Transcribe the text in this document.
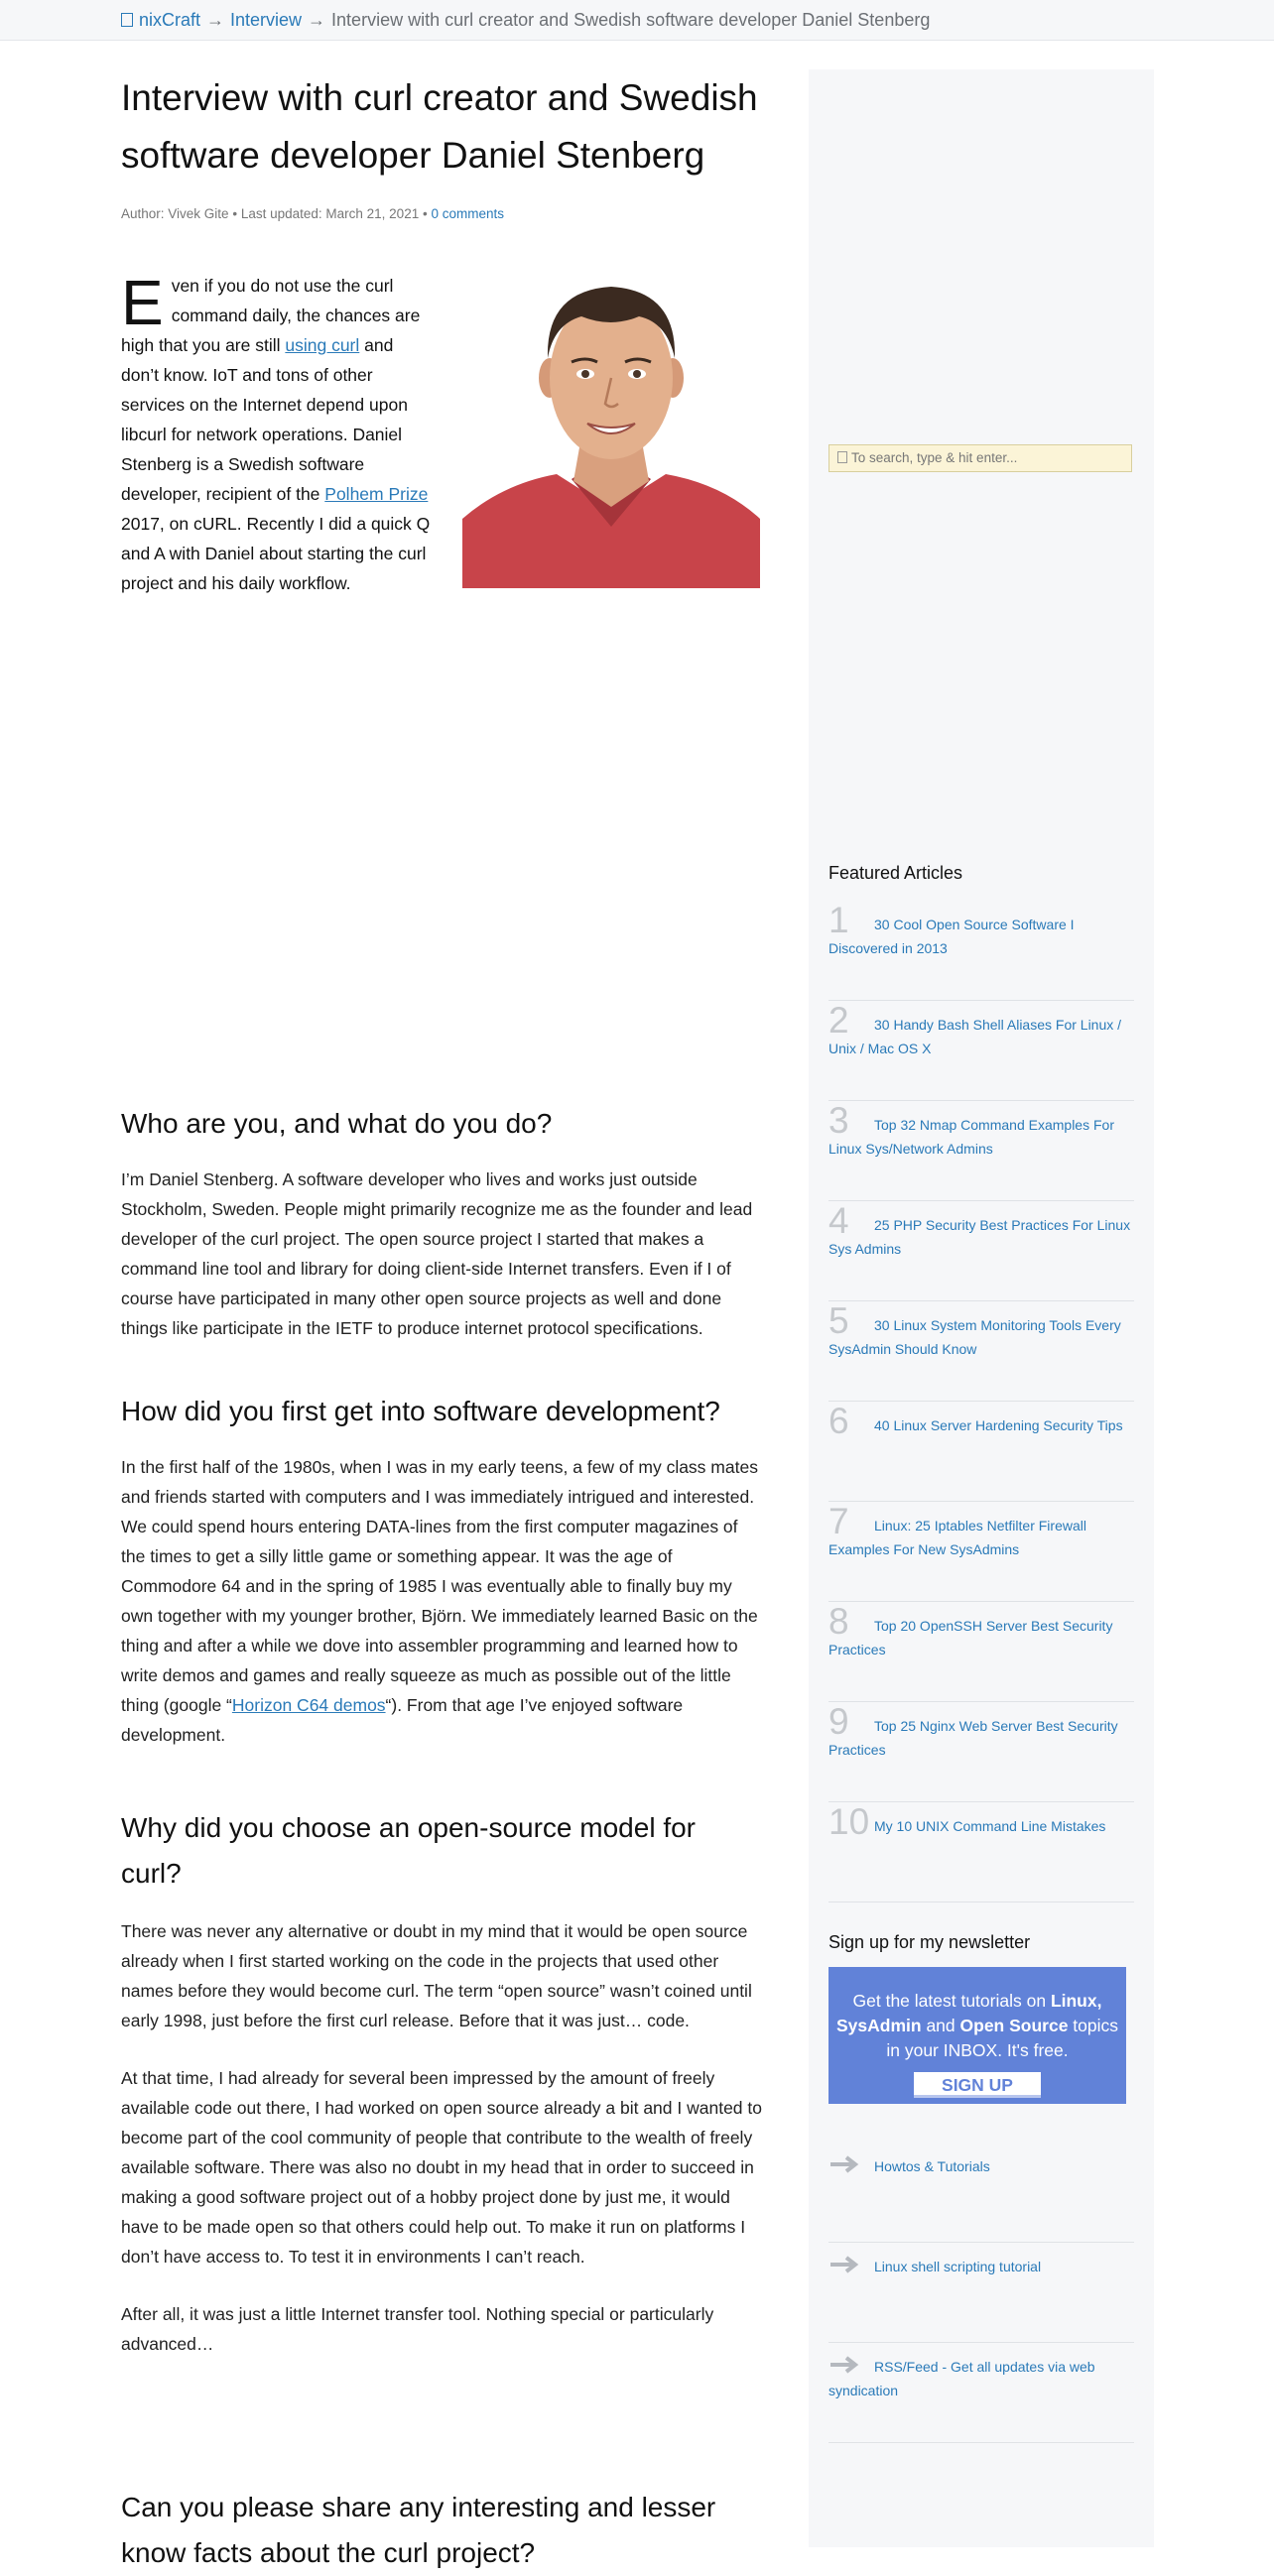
nixCraft → Interview → Interview with curl creator and Swedish software developer Daniel Stenberg
Interview with curl creator and Swedish software developer Daniel Stenberg
Author: Vivek Gite • Last updated: March 21, 2021 • 0 comments
Even if you do not use the curl command daily, the chances are high that you are still using curl and don’t know. IoT and tons of other services on the Internet depend upon libcurl for network operations. Daniel Stenberg is a Swedish software developer, recipient of the Polhem Prize 2017, on cURL. Recently I did a quick Q and A with Daniel about starting the curl project and his daily workflow.
Who are you, and what do you do?

I’m Daniel Stenberg. A software developer who lives and works just outside Stockholm, Sweden. People might primarily recognize me as the founder and lead developer of the curl project. The open source project I started that makes a command line tool and library for doing client-side Internet transfers. Even if I of course have participated in many other open source projects as well and done things like participate in the IETF to produce internet protocol specifications.

How did you first get into software development?

In the first half of the 1980s, when I was in my early teens, a few of my class mates and friends started with computers and I was immediately intrigued and interested. We could spend hours entering DATA-lines from the first computer magazines of the times to get a silly little game or something appear. It was the age of Commodore 64 and in the spring of 1985 I was eventually able to finally buy my own together with my younger brother, Björn. We immediately learned Basic on the thing and after a while we dove into assembler programming and learned how to write demos and games and really squeeze as much as possible out of the little thing (google “Horizon C64 demos“). From that age I’ve enjoyed software development.

Why did you choose an open-source model for curl?

There was never any alternative or doubt in my mind that it would be open source already when I first started working on the code in the projects that used other names before they would become curl. The term “open source” wasn’t coined until early 1998, just before the first curl release. Before that it was just… code.

At that time, I had already for several been impressed by the amount of freely available code out there, I had worked on open source already a bit and I wanted to become part of the cool community of people that contribute to the wealth of freely available software. There was also no doubt in my head that in order to succeed in making a good software project out of a hobby project done by just me, it would have to be made open so that others could help out. To make it run on platforms I don’t have access to. To test it in environments I can’t reach.

After all, it was just a little Internet transfer tool. Nothing special or particularly advanced…

Can you please share any interesting and lesser know facts about the curl project?
To search, type & hit enter...
Featured Articles
1	30 Cool Open Source Software I Discovered in 2013
2	30 Handy Bash Shell Aliases For Linux / Unix / Mac OS X
3	Top 32 Nmap Command Examples For Linux Sys/Network Admins
4	25 PHP Security Best Practices For Linux Sys Admins
5	30 Linux System Monitoring Tools Every SysAdmin Should Know
6	40 Linux Server Hardening Security Tips
7	Linux: 25 Iptables Netfilter Firewall Examples For New SysAdmins
8	Top 20 OpenSSH Server Best Security Practices
9	Top 25 Nginx Web Server Best Security Practices
10 My 10 UNIX Command Line Mistakes
Sign up for my newsletter
Get the latest tutorials on Linux,
SysAdmin and Open Source topics
in your INBOX. It's free.
SIGN UP
Howtos & Tutorials
Linux shell scripting tutorial
RSS/Feed - Get all updates via web syndication
